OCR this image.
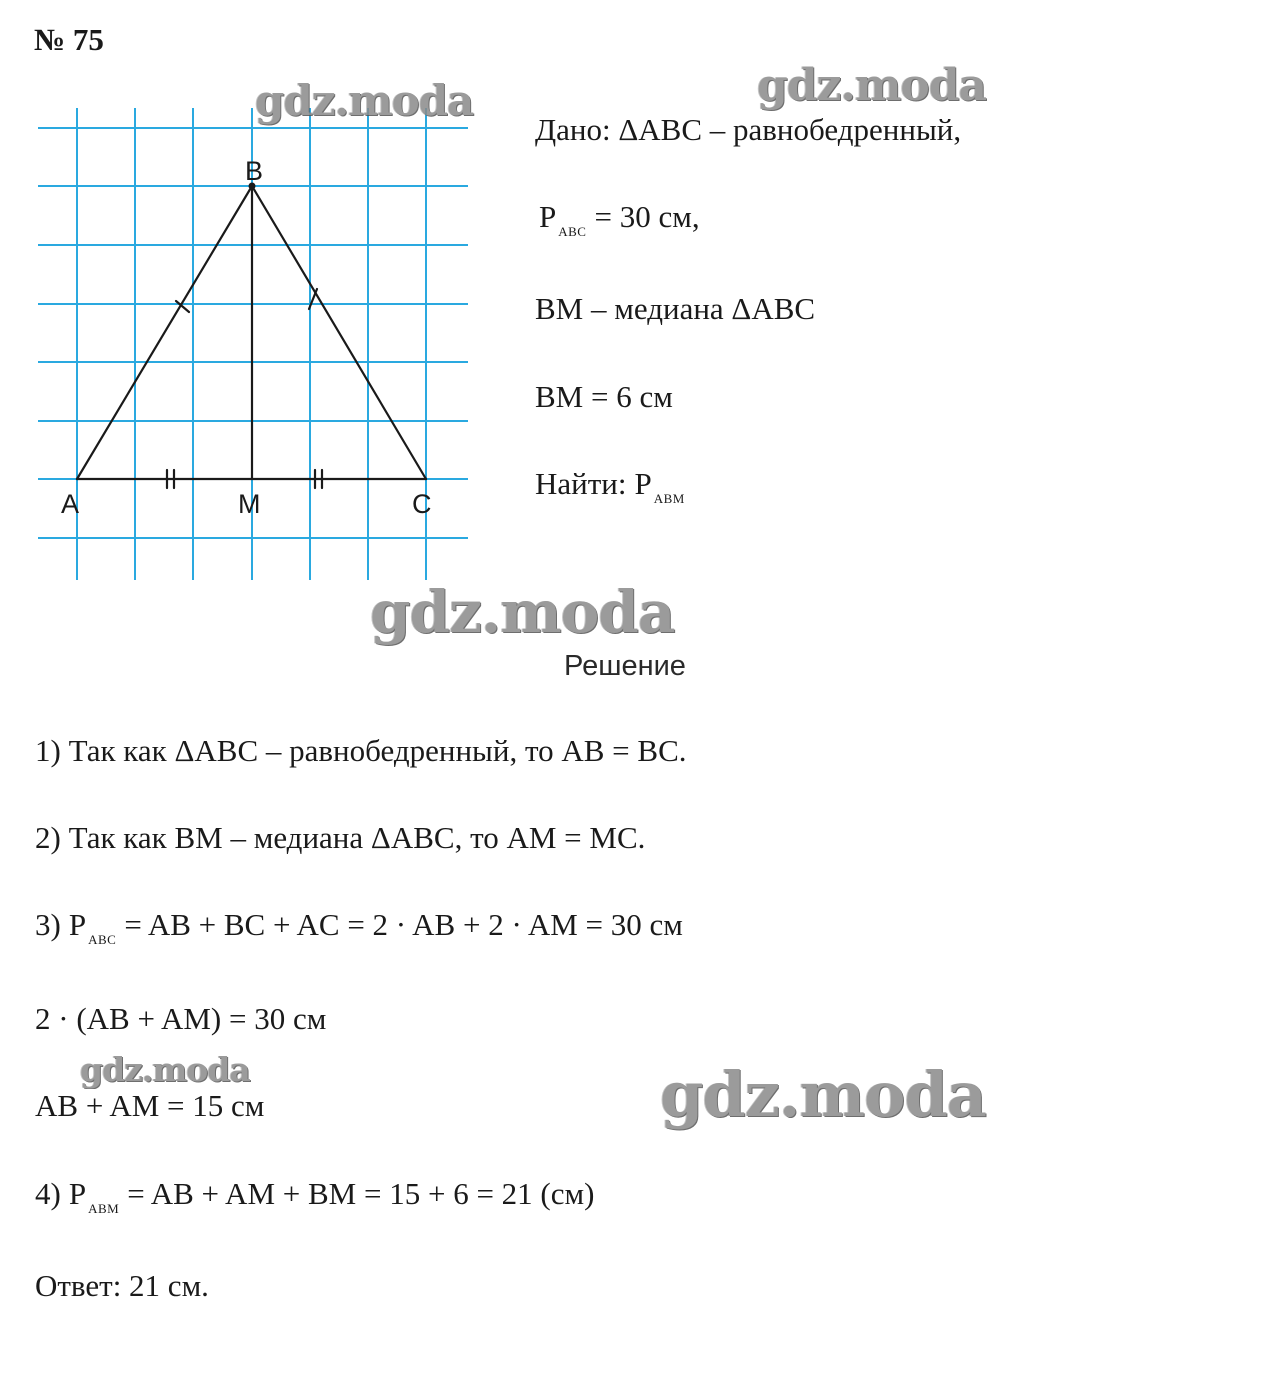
№ 75
B
A	M	C
Дано: ΔABC – равнобедренный,
P $_{ABC}$ = 30 см,
BM – медиана ΔABC
BM = 6 см
Найти: P $_{ABM}$
Решение
1) Так как ΔABC – равнобедренный, то AB = BC.
2) Так как BM – медиана ΔABC, то AM = MC.
3) P $_{ABC}$ = AB + BC + AC = 2 · AB + 2 · AM = 30 см
2 · (AB + AM) = 30 см
AB + AM = 15 см
4) P $_{ABM}$ = AB + AM + BM = 15 + 6 = 21 (см)
Ответ: 21 см.
gdz.moda	gdz.moda
gdz.moda
gdz.moda	gdz.moda
